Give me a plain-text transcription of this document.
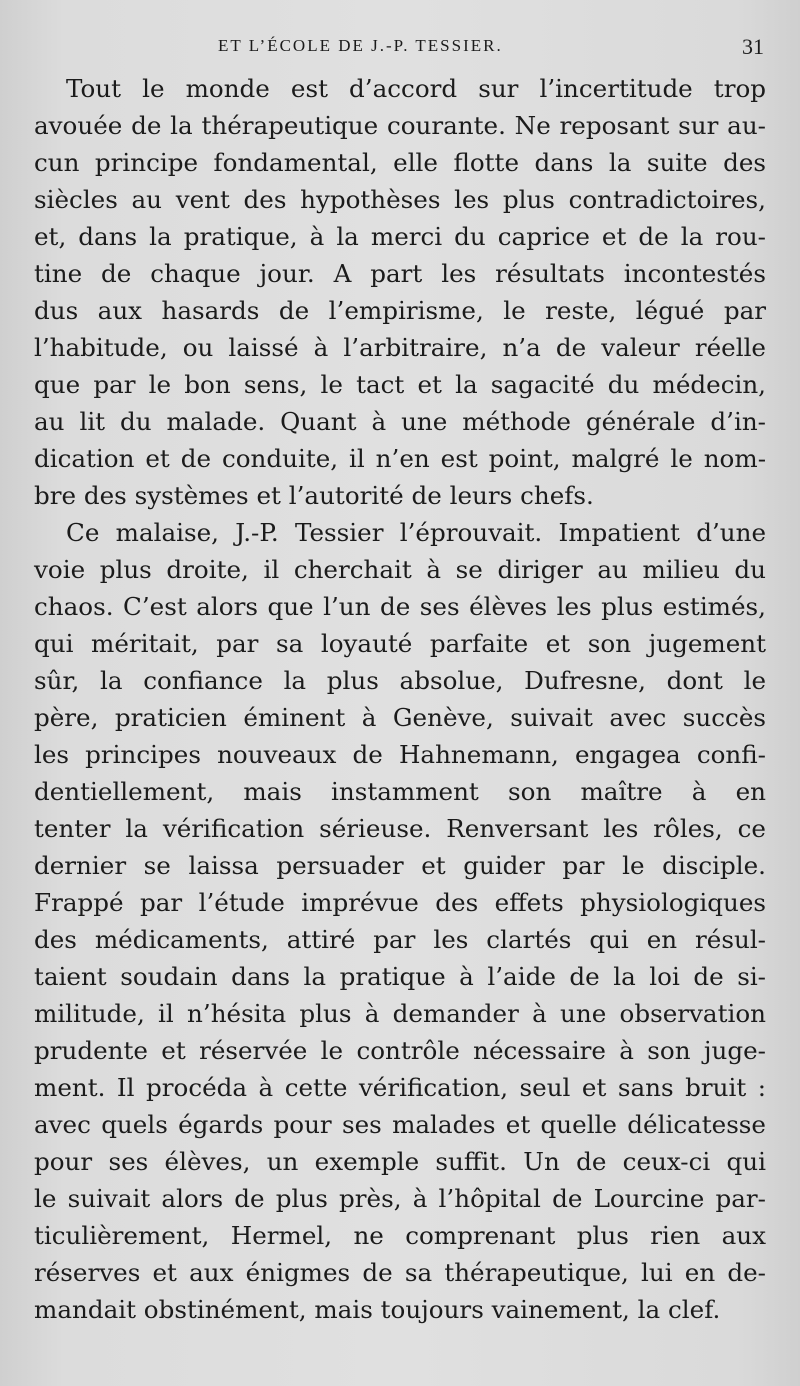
ET L’ÉCOLE DE J.-P. TESSIER.	31
Tout le monde est d’accord sur l’incertitude trop
avouée de la thérapeutique courante. Ne reposant sur au-
cun principe fondamental, elle flotte dans la suite des
siècles au vent des hypothèses les plus contradictoires,
et, dans la pratique, à la merci du caprice et de la rou-
tine de chaque jour. A part les résultats incontestés
dus aux hasards de l’empirisme, le reste, légué par
l’habitude, ou laissé à l’arbitraire, n’a de valeur réelle
que par le bon sens, le tact et la sagacité du médecin,
au lit du malade. Quant à une méthode générale d’in-
dication et de conduite, il n’en est point, malgré le nom-
bre des systèmes et l’autorité de leurs chefs.
Ce malaise, J.-P. Tessier l’éprouvait. Impatient d’une
voie plus droite, il cherchait à se diriger au milieu du
chaos. C’est alors que l’un de ses élèves les plus estimés,
qui méritait, par sa loyauté parfaite et son jugement
sûr, la confiance la plus absolue, Dufresne, dont le
père, praticien éminent à Genève, suivait avec succès
les principes nouveaux de Hahnemann, engagea confi-
dentiellement, mais instamment son maître à en
tenter la vérification sérieuse. Renversant les rôles, ce
dernier se laissa persuader et guider par le disciple.
Frappé par l’étude imprévue des effets physiologiques
des médicaments, attiré par les clartés qui en résul-
taient soudain dans la pratique à l’aide de la loi de si-
militude, il n’hésita plus à demander à une observation
prudente et réservée le contrôle nécessaire à son juge-
ment. Il procéda à cette vérification, seul et sans bruit :
avec quels égards pour ses malades et quelle délicatesse
pour ses élèves, un exemple suffit. Un de ceux-ci qui
le suivait alors de plus près, à l’hôpital de Lourcine par-
ticulièrement, Hermel, ne comprenant plus rien aux
réserves et aux énigmes de sa thérapeutique, lui en de-
mandait obstinément, mais toujours vainement, la clef.
